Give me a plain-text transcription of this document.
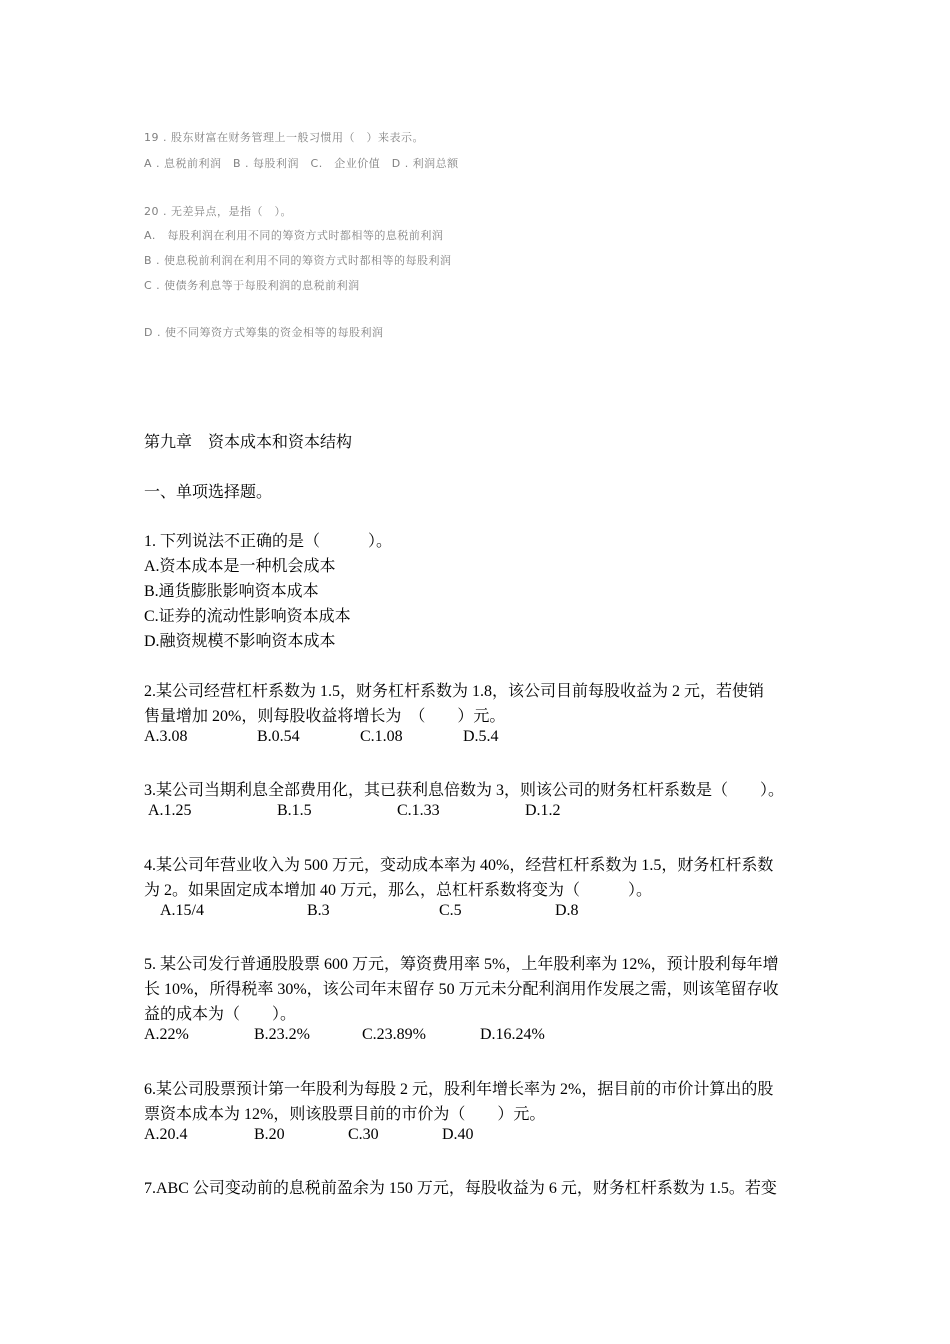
19 . 股东财富在财务管理上一般习惯用（　）来表示。

A . 息税前利润　B . 每股利润　C.　企业价值　D . 利润总额

20 . 无差异点，是指（　）。

A.　每股利润在利用不同的筹资方式时都相等的息税前利润

B . 使息税前利润在利用不同的筹资方式时都相等的每股利润

C . 使债务利息等于每股利润的息税前利润

D . 使不同筹资方式筹集的资金相等的每股利润

第九章　资本成本和资本结构

一、单项选择题。

1. 下列说法不正确的是（　　　）。

A.资本成本是一种机会成本

B.通货膨胀影响资本成本

C.证券的流动性影响资本成本

D.融资规模不影响资本成本

2.某公司经营杠杆系数为 1.5，财务杠杆系数为 1.8，该公司目前每股收益为 2 元，若使销

售量增加 20%，则每股收益将增长为　（　　）元。

A.3.08	B.0.54	C.1.08	D.5.4

3.某公司当期利息全部费用化，其已获利息倍数为 3，则该公司的财务杠杆系数是（　　）。

A.1.25	B.1.5	C.1.33	D.1.2

4.某公司年营业收入为 500 万元，变动成本率为 40%，经营杠杆系数为 1.5，财务杠杆系数

为 2。如果固定成本增加 40 万元，那么，总杠杆系数将变为（　　　）。

A.15/4	B.3	C.5	D.8

5. 某公司发行普通股股票 600 万元，筹资费用率 5%，上年股利率为 12%，预计股利每年增

长 10%，所得税率 30%，该公司年末留存 50 万元未分配利润用作发展之需，则该笔留存收

益的成本为（　　）。

A.22%	B.23.2%	C.23.89%	D.16.24%

6.某公司股票预计第一年股利为每股 2 元，股利年增长率为 2%，据目前的市价计算出的股

票资本成本为 12%，则该股票目前的市价为（　　）元。

A.20.4	B.20	C.30	D.40

7.ABC 公司变动前的息税前盈余为 150 万元，每股收益为 6 元，财务杠杆系数为 1.5。若变
